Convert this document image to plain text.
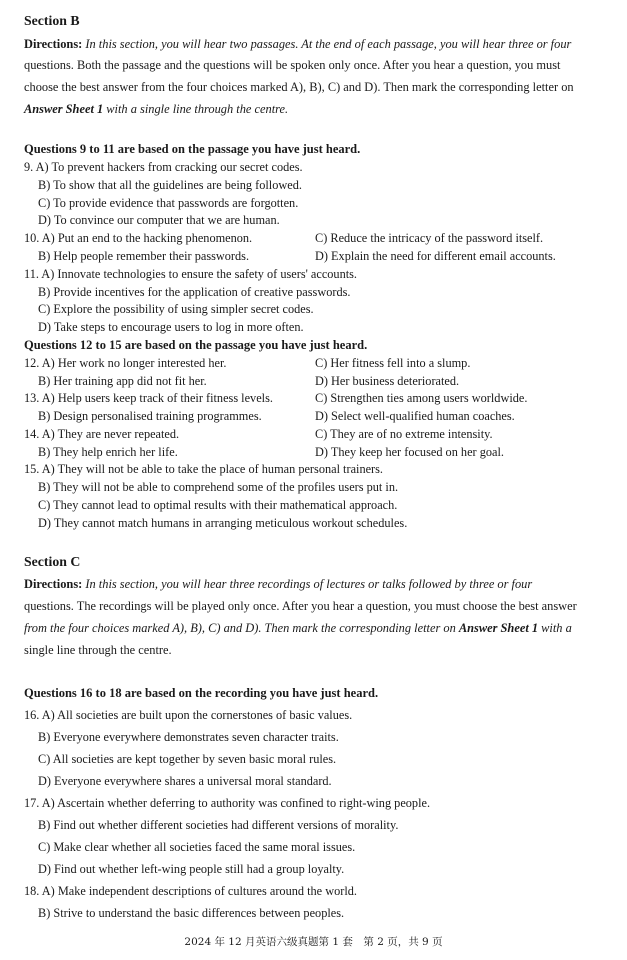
Section B
Directions: In this section, you will hear two passages. At the end of each passage, you will hear three or four
questions. Both the passage and the questions will be spoken only once. After you hear a question, you must
choose the best answer from the four choices marked A), B), C) and D). Then mark the corresponding letter on
Answer Sheet 1 with a single line through the centre.
Questions 9 to 11 are based on the passage you have just heard.
9. A) To prevent hackers from cracking our secret codes.
B) To show that all the guidelines are being followed.
C) To provide evidence that passwords are forgotten.
D) To convince our computer that we are human.
10. A) Put an end to the hacking phenomenon.	C) Reduce the intricacy of the password itself.
B) Help people remember their passwords.	D) Explain the need for different email accounts.
11. A) Innovate technologies to ensure the safety of users' accounts.
B) Provide incentives for the application of creative passwords.
C) Explore the possibility of using simpler secret codes.
D) Take steps to encourage users to log in more often.
Questions 12 to 15 are based on the passage you have just heard.
12. A) Her work no longer interested her.	C) Her fitness fell into a slump.
B) Her training app did not fit her.	D) Her business deteriorated.
13. A) Help users keep track of their fitness levels.	C) Strengthen ties among users worldwide.
B) Design personalised training programmes.	D) Select well-qualified human coaches.
14. A) They are never repeated.	C) They are of no extreme intensity.
B) They help enrich her life.	D) They keep her focused on her goal.
15. A) They will not be able to take the place of human personal trainers.
B) They will not be able to comprehend some of the profiles users put in.
C) They cannot lead to optimal results with their mathematical approach.
D) They cannot match humans in arranging meticulous workout schedules.
Section C
Directions: In this section, you will hear three recordings of lectures or talks followed by three or four
questions. The recordings will be played only once. After you hear a question, you must choose the best answer
from the four choices marked A), B), C) and D). Then mark the corresponding letter on Answer Sheet 1 with a
single line through the centre.
Questions 16 to 18 are based on the recording you have just heard.
16. A) All societies are built upon the cornerstones of basic values.
B) Everyone everywhere demonstrates seven character traits.
C) All societies are kept together by seven basic moral rules.
D) Everyone everywhere shares a universal moral standard.
17. A) Ascertain whether deferring to authority was confined to right-wing people.
B) Find out whether different societies had different versions of morality.
C) Make clear whether all societies faced the same moral issues.
D) Find out whether left-wing people still had a group loyalty.
18. A) Make independent descriptions of cultures around the world.
B) Strive to understand the basic differences between peoples.
2024 年 12 月英语六级真题第 1 套　第 2 页，共 9 页
